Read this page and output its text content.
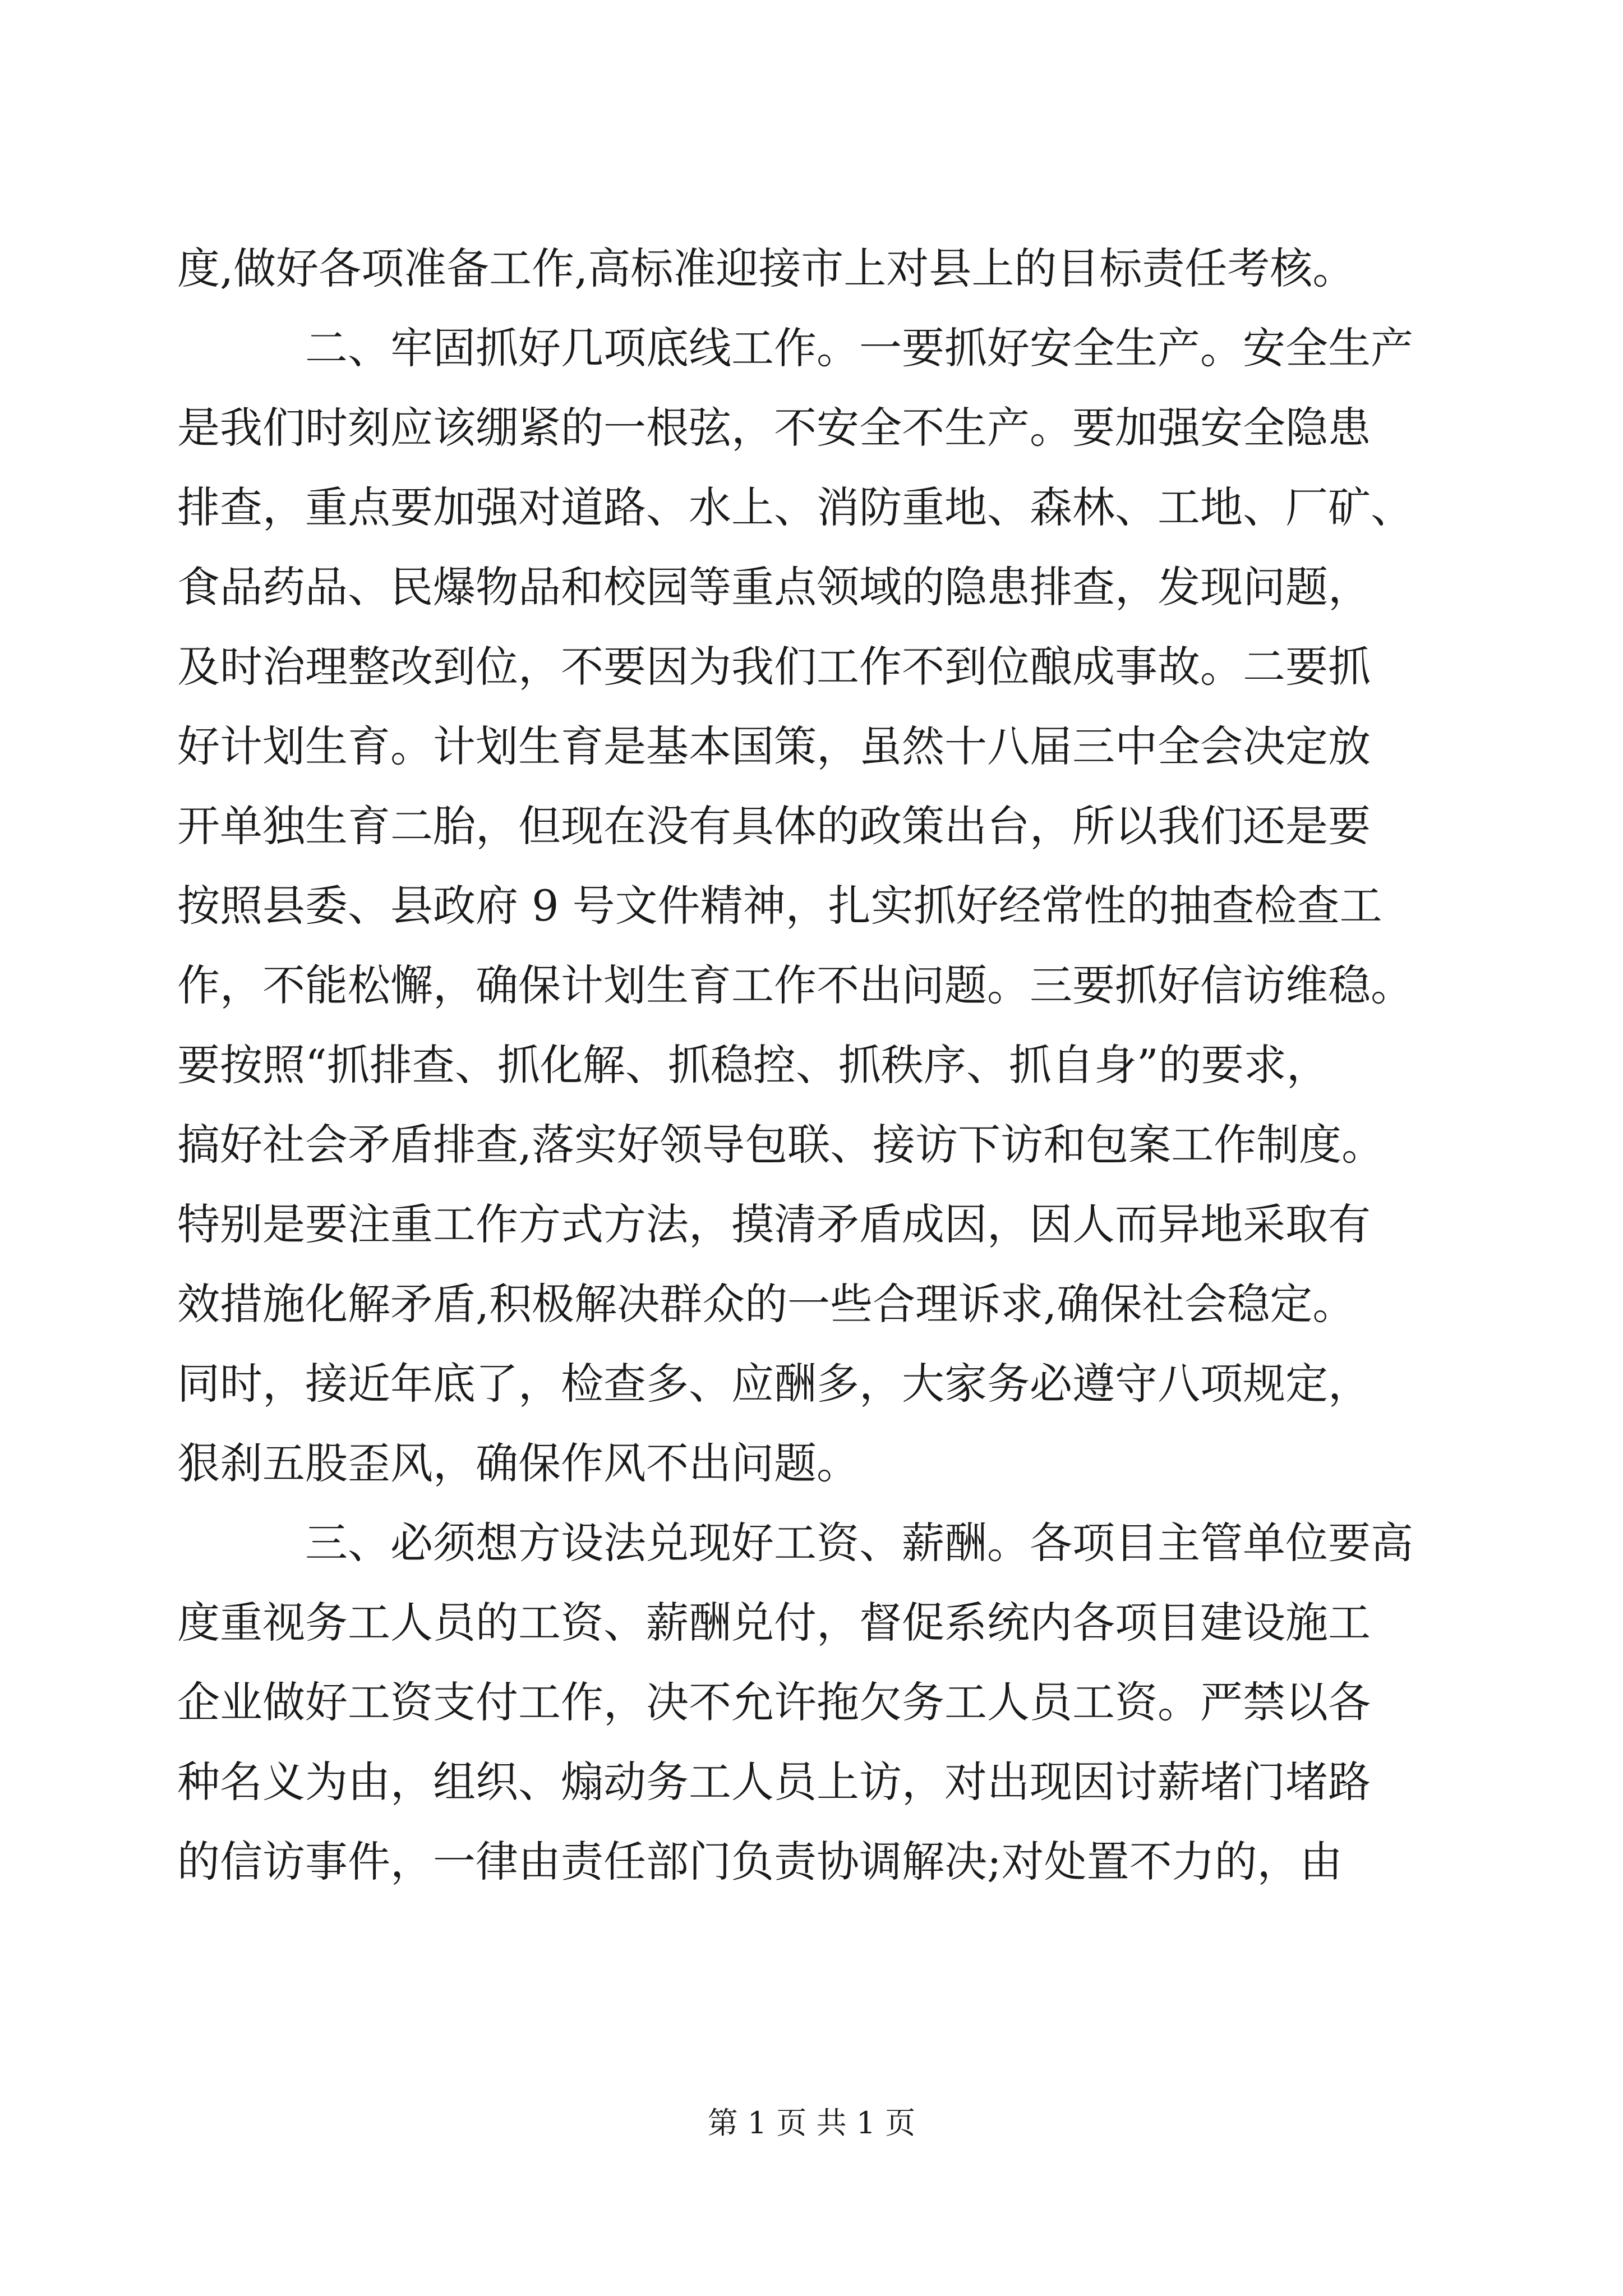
度,做好各项准备工作,高标准迎接市上对县上的目标责任考核。
二、牢固抓好几项底线工作。一要抓好安全生产。安全生产
是我们时刻应该绷紧的一根弦，不安全不生产。要加强安全隐患
排查，重点要加强对道路、水上、消防重地、森林、工地、厂矿、
食品药品、民爆物品和校园等重点领域的隐患排查，发现问题，
及时治理整改到位，不要因为我们工作不到位酿成事故。二要抓
好计划生育。计划生育是基本国策，虽然十八届三中全会决定放
开单独生育二胎，但现在没有具体的政策出台，所以我们还是要
按照县委、县政府 9 号文件精神，扎实抓好经常性的抽查检查工
作，不能松懈，确保计划生育工作不出问题。三要抓好信访维稳。
要按照“抓排查、抓化解、抓稳控、抓秩序、抓自身”的要求，
搞好社会矛盾排查,落实好领导包联、接访下访和包案工作制度。
特别是要注重工作方式方法，摸清矛盾成因，因人而异地采取有
效措施化解矛盾,积极解决群众的一些合理诉求,确保社会稳定。
同时，接近年底了，检查多、应酬多，大家务必遵守八项规定，
狠刹五股歪风，确保作风不出问题。
三、必须想方设法兑现好工资、薪酬。各项目主管单位要高
度重视务工人员的工资、薪酬兑付，督促系统内各项目建设施工
企业做好工资支付工作，决不允许拖欠务工人员工资。严禁以各
种名义为由，组织、煽动务工人员上访，对出现因讨薪堵门堵路
的信访事件，一律由责任部门负责协调解决;对处置不力的，由
第 1 页 共 1 页
